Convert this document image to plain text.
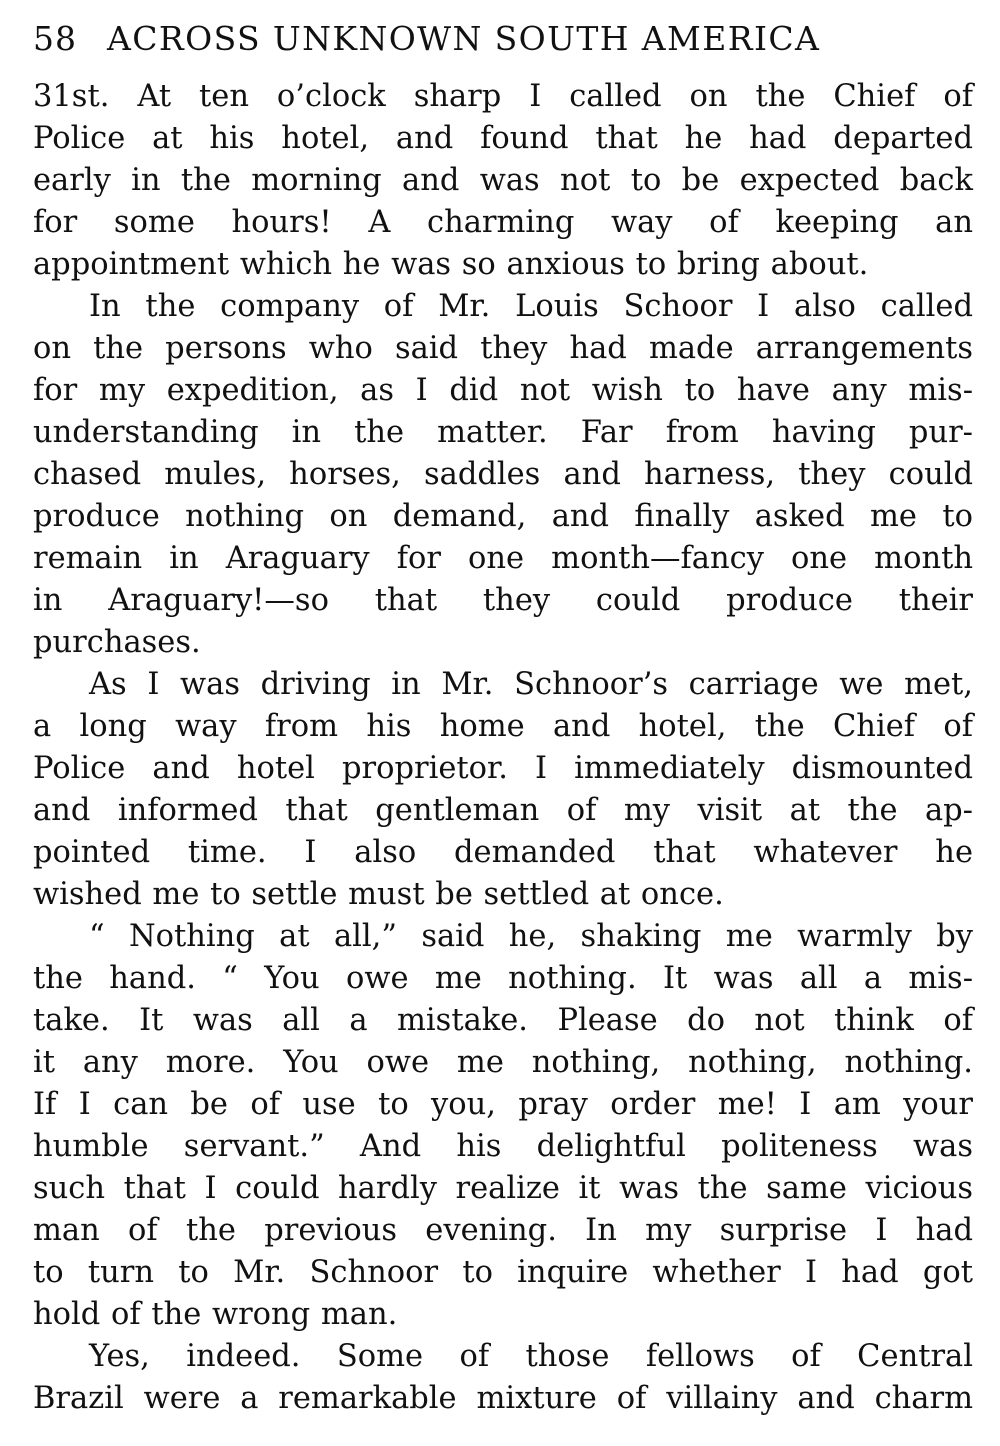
58 ACROSS UNKNOWN SOUTH AMERICA
31st. At ten o’clock sharp I called on the Chief of
Police at his hotel, and found that he had departed
early in the morning and was not to be expected back
for some hours! A charming way of keeping an
appointment which he was so anxious to bring about.
In the company of Mr. Louis Schoor I also called
on the persons who said they had made arrangements
for my expedition, as I did not wish to have any mis-
understanding in the matter. Far from having pur-
chased mules, horses, saddles and harness, they could
produce nothing on demand, and finally asked me to
remain in Araguary for one month—fancy one month
in Araguary!—so that they could produce their
purchases.
As I was driving in Mr. Schnoor’s carriage we met,
a long way from his home and hotel, the Chief of
Police and hotel proprietor. I immediately dismounted
and informed that gentleman of my visit at the ap-
pointed time. I also demanded that whatever he
wished me to settle must be settled at once.
“ Nothing at all,” said he, shaking me warmly by
the hand. “ You owe me nothing. It was all a mis-
take. It was all a mistake. Please do not think of
it any more. You owe me nothing, nothing, nothing.
If I can be of use to you, pray order me! I am your
humble servant.” And his delightful politeness was
such that I could hardly realize it was the same vicious
man of the previous evening. In my surprise I had
to turn to Mr. Schnoor to inquire whether I had got
hold of the wrong man.
Yes, indeed. Some of those fellows of Central
Brazil were a remarkable mixture of villainy and charm
